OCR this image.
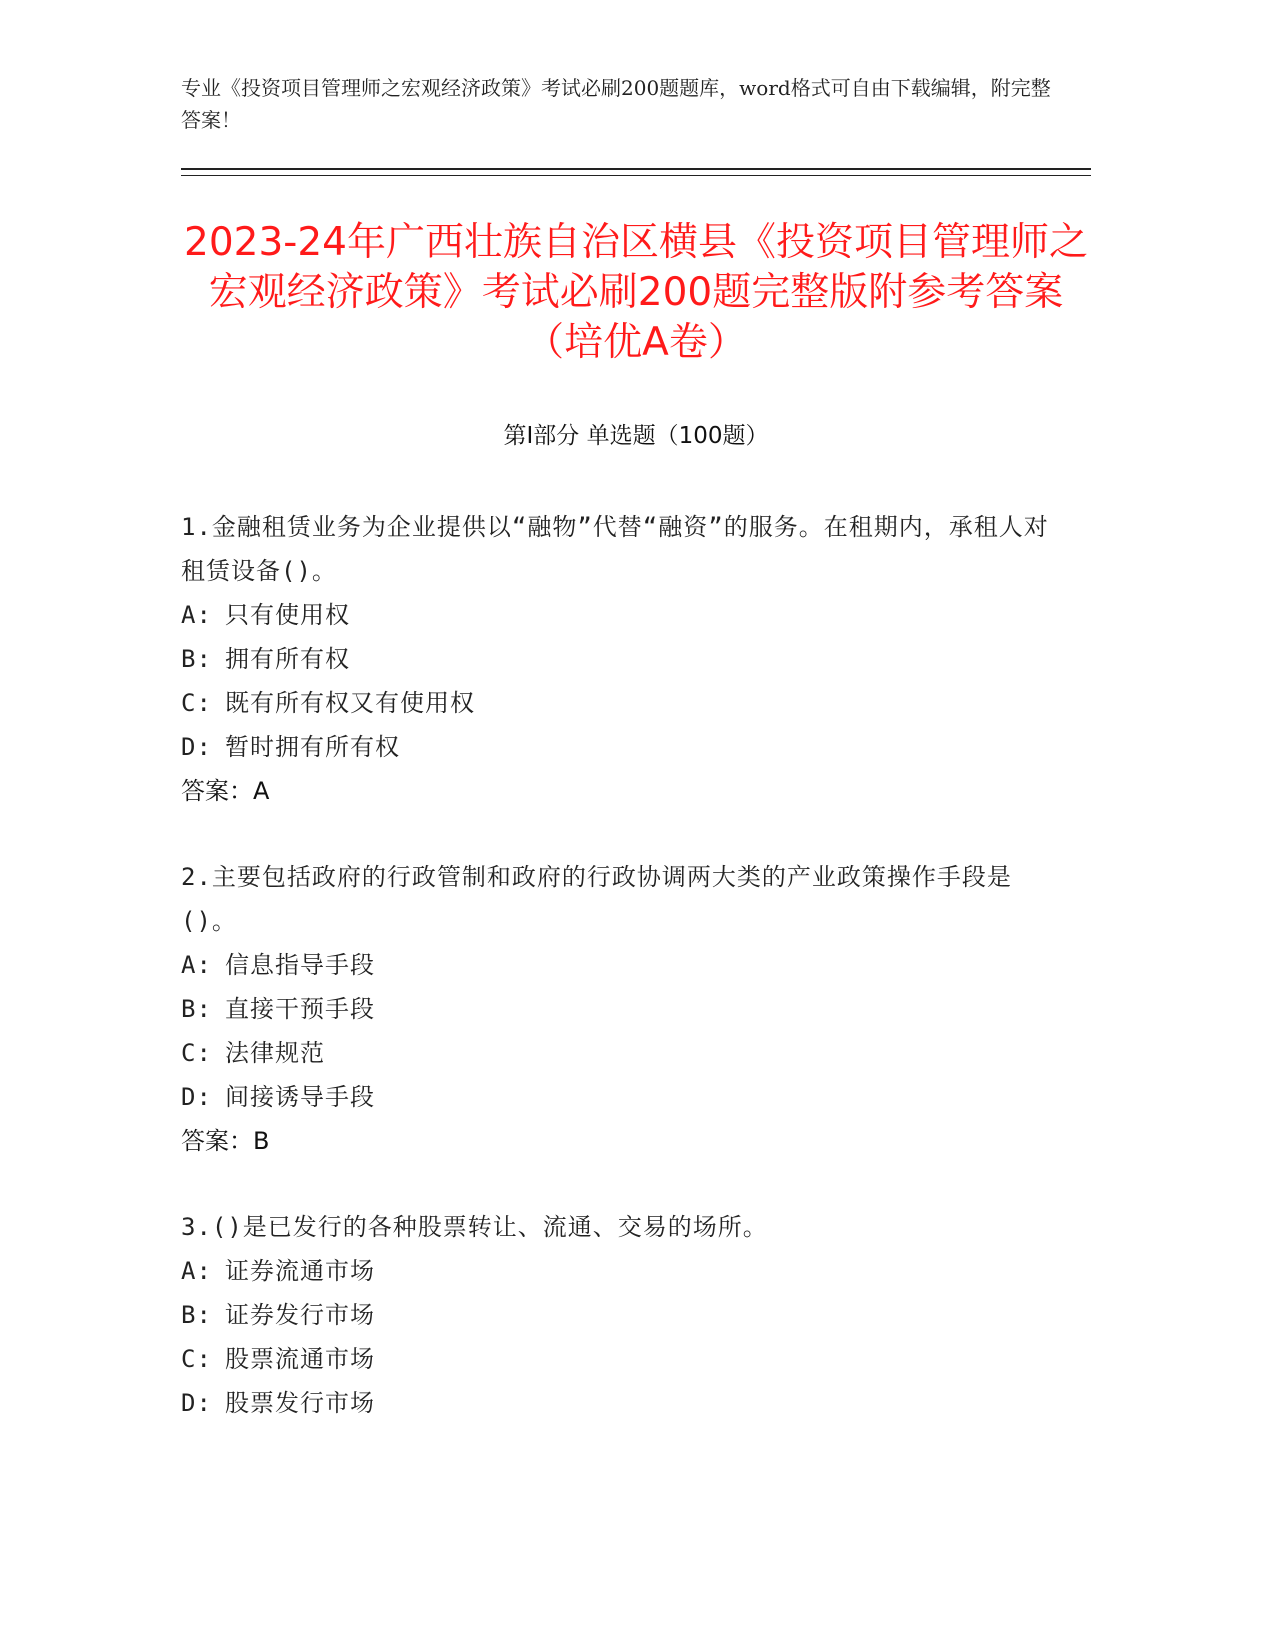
专业《投资项目管理师之宏观经济政策》考试必刷200题题库，word格式可自由下载编辑，附完整答案！
2023-24年广西壮族自治区横县《投资项目管理师之宏观经济政策》考试必刷200题完整版附参考答案（培优A卷）
第I部分 单选题（100题）
1.金融租赁业务为企业提供以“融物”代替“融资”的服务。在租期内，承租人对租赁设备()。
A: 只有使用权
B: 拥有所有权
C: 既有所有权又有使用权
D: 暂时拥有所有权
答案：A
2.主要包括政府的行政管制和政府的行政协调两大类的产业政策操作手段是()。
A: 信息指导手段
B: 直接干预手段
C: 法律规范
D: 间接诱导手段
答案：B
3.()是已发行的各种股票转让、流通、交易的场所。
A: 证券流通市场
B: 证券发行市场
C: 股票流通市场
D: 股票发行市场
